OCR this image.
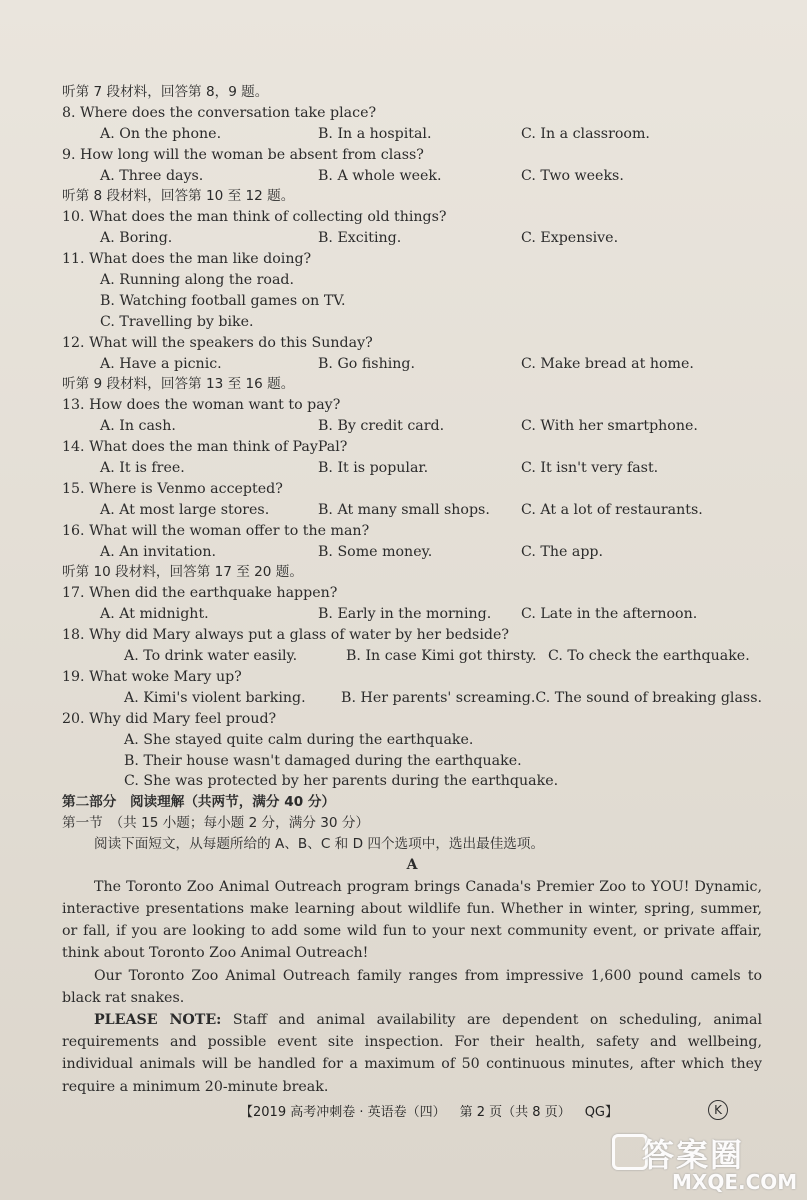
听第 7 段材料，回答第 8，9 题。
8. Where does the conversation take place?
A. On the phone.	B. In a hospital.	C. In a classroom.
9. How long will the woman be absent from class?
A. Three days.	B. A whole week.	C. Two weeks.
听第 8 段材料，回答第 10 至 12 题。
10. What does the man think of collecting old things?
A. Boring.	B. Exciting.	C. Expensive.
11. What does the man like doing?
A. Running along the road.
B. Watching football games on TV.
C. Travelling by bike.
12. What will the speakers do this Sunday?
A. Have a picnic.	B. Go fishing.	C. Make bread at home.
听第 9 段材料，回答第 13 至 16 题。
13. How does the woman want to pay?
A. In cash.	B. By credit card.	C. With her smartphone.
14. What does the man think of PayPal?
A. It is free.	B. It is popular.	C. It isn't very fast.
15. Where is Venmo accepted?
A. At most large stores.	B. At many small shops.	C. At a lot of restaurants.
16. What will the woman offer to the man?
A. An invitation.	B. Some money.	C. The app.
听第 10 段材料，回答第 17 至 20 题。
17. When did the earthquake happen?
A. At midnight.	B. Early in the morning.	C. Late in the afternoon.
18. Why did Mary always put a glass of water by her bedside?
A. To drink water easily.	B. In case Kimi got thirsty. C. To check the earthquake.
19. What woke Mary up?
A. Kimi's violent barking.	B. Her parents' screaming. C. The sound of breaking glass.
20. Why did Mary feel proud?
A. She stayed quite calm during the earthquake.
B. Their house wasn't damaged during the earthquake.
C. She was protected by her parents during the earthquake.
第二部分　阅读理解（共两节，满分 40 分）
第一节　（共 15 小题；每小题 2 分，满分 30 分）
阅读下面短文，从每题所给的 A、B、C 和 D 四个选项中，选出最佳选项。
A
The Toronto Zoo Animal Outreach program brings Canada's Premier Zoo to YOU! Dynamic, interactive presentations make learning about wildlife fun. Whether in winter, spring, summer, or fall, if you are looking to add some wild fun to your next community event, or private affair, think about Toronto Zoo Animal Outreach!
Our Toronto Zoo Animal Outreach family ranges from impressive 1,600 pound camels to black rat snakes.
PLEASE NOTE: Staff and animal availability are dependent on scheduling, animal requirements and possible event site inspection. For their health, safety and wellbeing, individual animals will be handled for a maximum of 50 continuous minutes, after which they require a minimum 20-minute break.
【2019 高考冲刺卷 · 英语卷（四） 第 2 页（共 8 页） QG】	K
答案圈
MXQE.COM
